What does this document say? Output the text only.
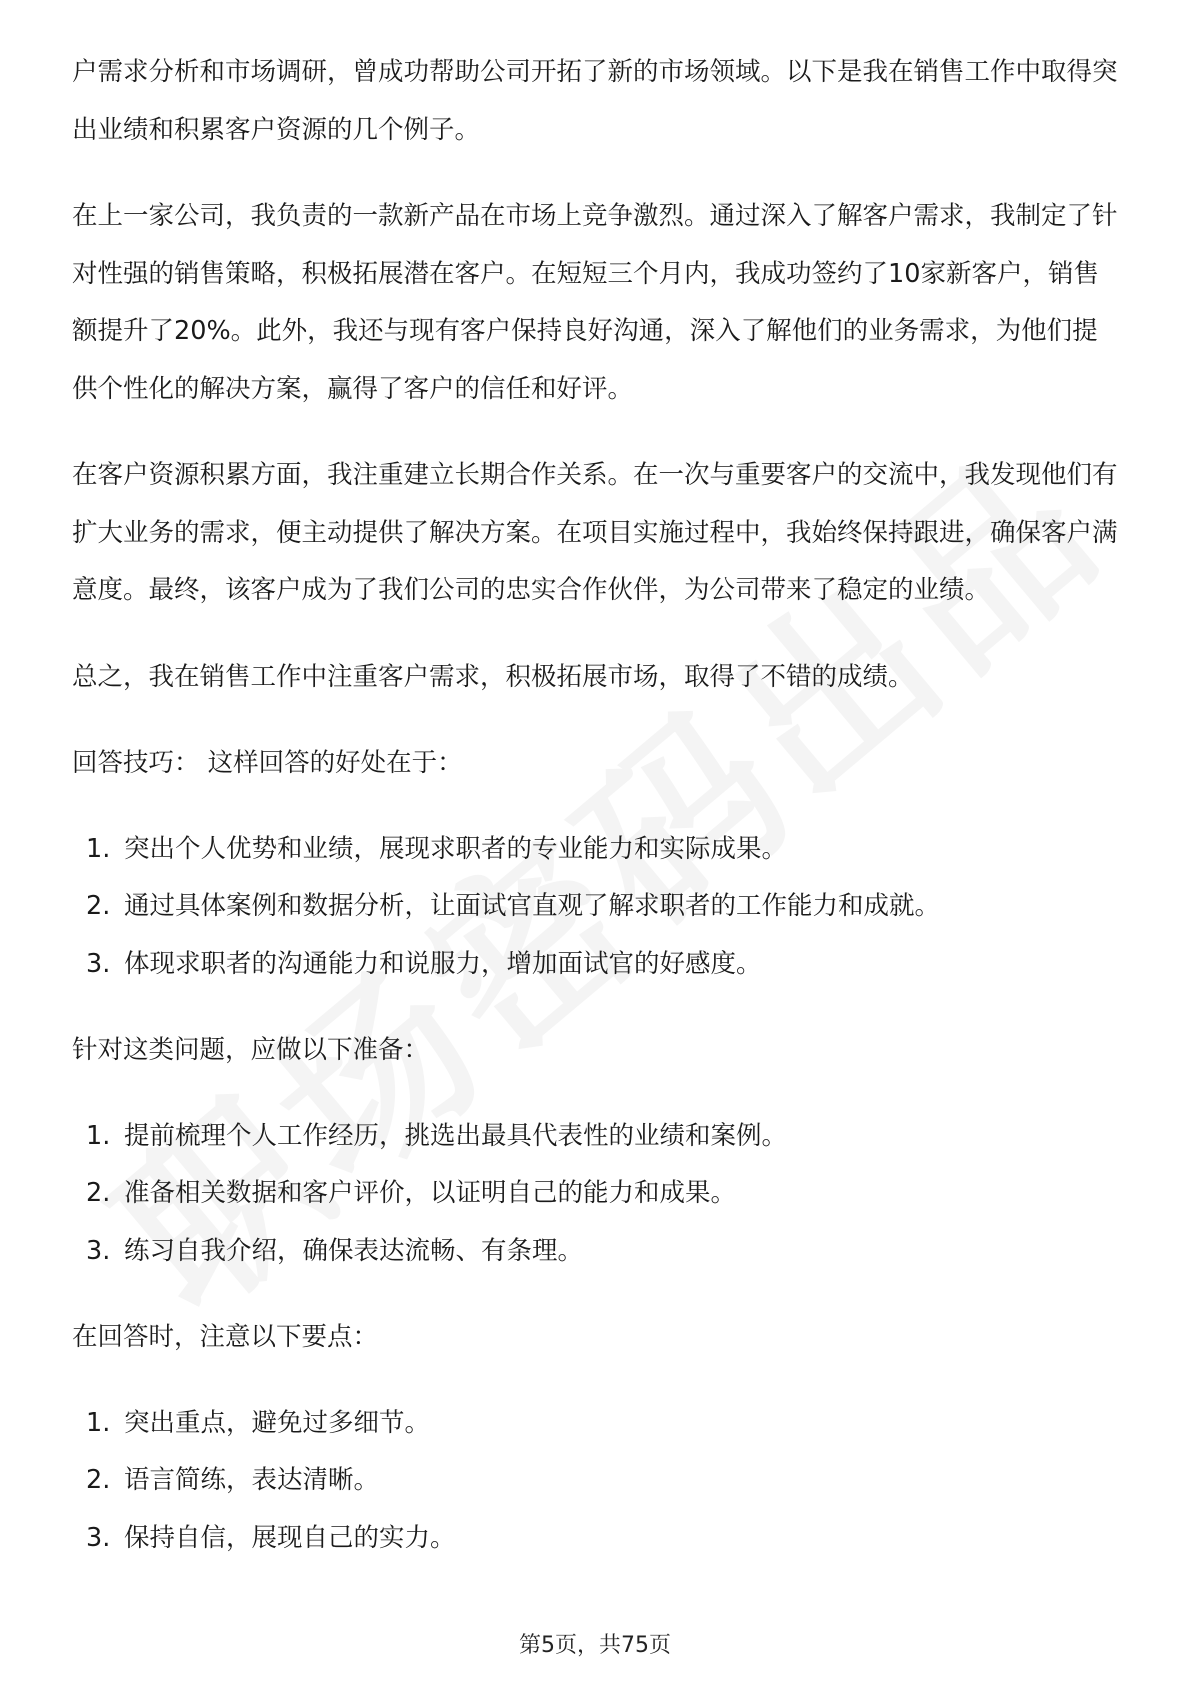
户需求分析和市场调研，曾成功帮助公司开拓了新的市场领域。以下是我在销售工作中取得突出业绩和积累客户资源的几个例子。

在上一家公司，我负责的一款新产品在市场上竞争激烈。通过深入了解客户需求，我制定了针对性强的销售策略，积极拓展潜在客户。在短短三个月内，我成功签约了10家新客户，销售额提升了20%。此外，我还与现有客户保持良好沟通，深入了解他们的业务需求，为他们提供个性化的解决方案，赢得了客户的信任和好评。

在客户资源积累方面，我注重建立长期合作关系。在一次与重要客户的交流中，我发现他们有扩大业务的需求，便主动提供了解决方案。在项目实施过程中，我始终保持跟进，确保客户满意度。最终，该客户成为了我们公司的忠实合作伙伴，为公司带来了稳定的业绩。

总之，我在销售工作中注重客户需求，积极拓展市场，取得了不错的成绩。

回答技巧： 这样回答的好处在于：

1. 突出个人优势和业绩，展现求职者的专业能力和实际成果。
2. 通过具体案例和数据分析，让面试官直观了解求职者的工作能力和成就。
3. 体现求职者的沟通能力和说服力，增加面试官的好感度。

针对这类问题，应做以下准备：

1. 提前梳理个人工作经历，挑选出最具代表性的业绩和案例。
2. 准备相关数据和客户评价，以证明自己的能力和成果。
3. 练习自我介绍，确保表达流畅、有条理。

在回答时，注意以下要点：

1. 突出重点，避免过多细节。
2. 语言简练，表达清晰。
3. 保持自信，展现自己的实力。
第5页，共75页
